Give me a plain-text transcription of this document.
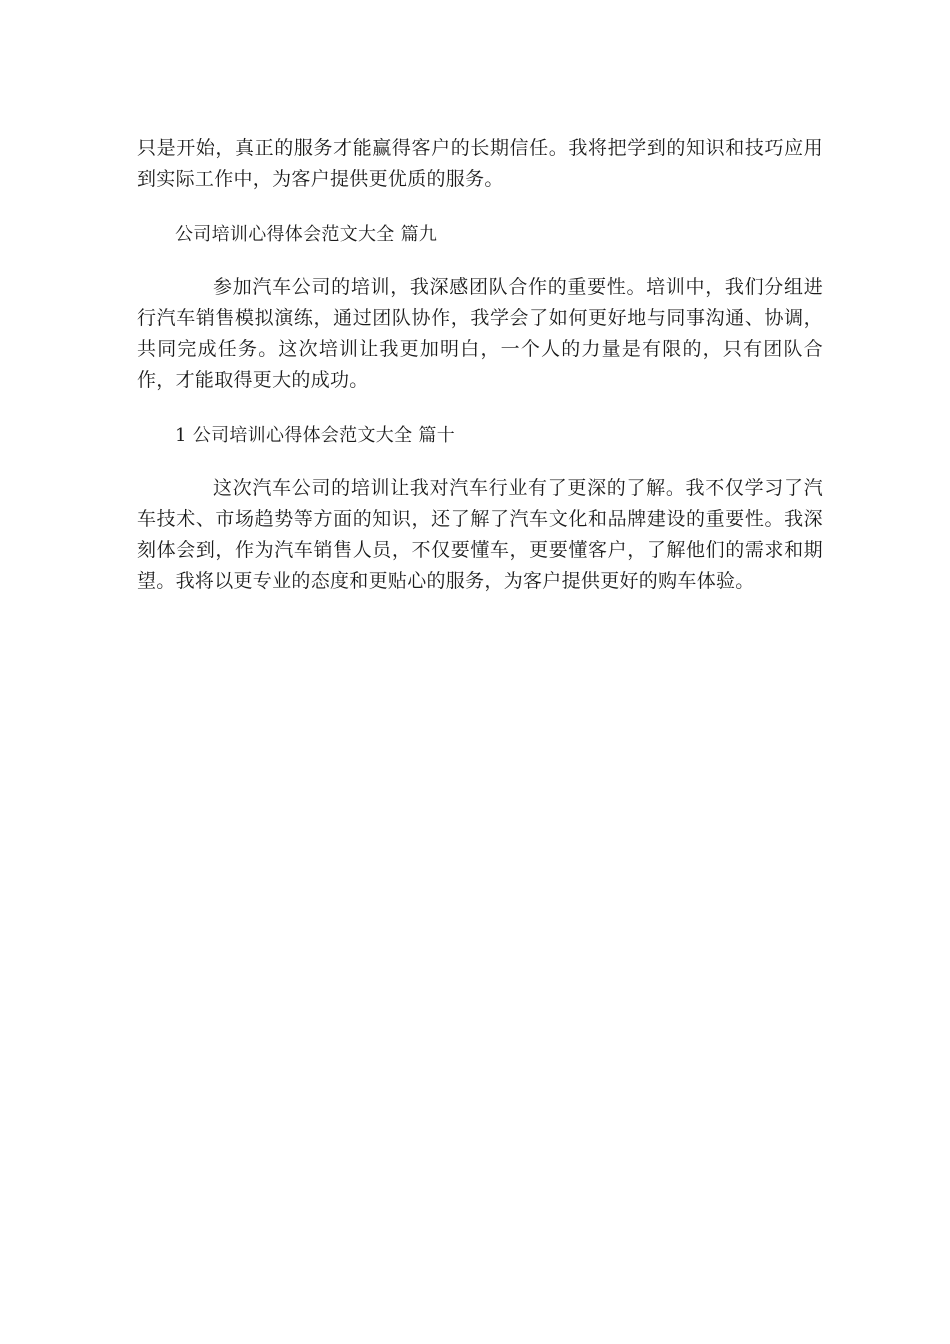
只是开始，真正的服务才能赢得客户的长期信任。我将把学到的知识和技巧应用到实际工作中，为客户提供更优质的服务。

公司培训心得体会范文大全 篇九

参加汽车公司的培训，我深感团队合作的重要性。培训中，我们分组进行汽车销售模拟演练，通过团队协作，我学会了如何更好地与同事沟通、协调，共同完成任务。这次培训让我更加明白，一个人的力量是有限的，只有团队合作，才能取得更大的成功。

1 公司培训心得体会范文大全 篇十

这次汽车公司的培训让我对汽车行业有了更深的了解。我不仅学习了汽车技术、市场趋势等方面的知识，还了解了汽车文化和品牌建设的重要性。我深刻体会到，作为汽车销售人员，不仅要懂车，更要懂客户，了解他们的需求和期望。我将以更专业的态度和更贴心的服务，为客户提供更好的购车体验。
